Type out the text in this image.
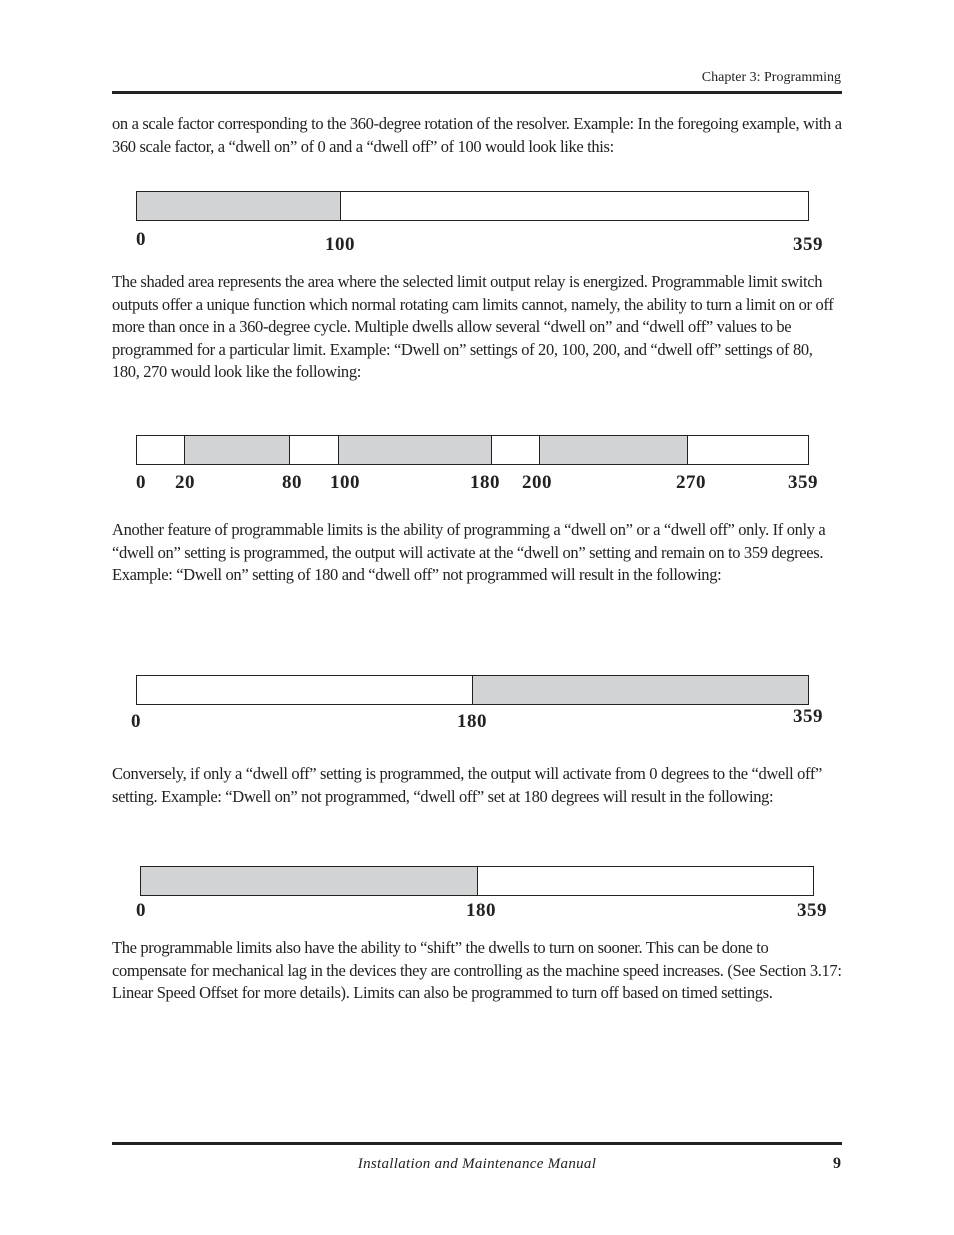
Chapter 3: Programming

on a scale factor corresponding to the 360-degree rotation of the resolver. Example: In the foregoing example, with a 360 scale factor, a “dwell on” of 0 and a “dwell off” of 100 would look like this:

0	100	359

The shaded area represents the area where the selected limit output relay is energized. Programmable limit switch outputs offer a unique function which normal rotating cam limits cannot, namely, the ability to turn a limit on or off more than once in a 360-degree cycle. Multiple dwells allow several “dwell on” and “dwell off” values to be programmed for a particular limit. Example: “Dwell on” settings of 20, 100, 200, and “dwell off” settings of 80, 180, 270 would look like the following:

0 20	80 100	180 200	270	359

Another feature of programmable limits is the ability of programming a “dwell on” or a “dwell off” only. If only a “dwell on” setting is programmed, the output will activate at the “dwell on” setting and remain on to 359 degrees. Example: “Dwell on” setting of 180 and “dwell off” not programmed will result in the following:

0	180	359

Conversely, if only a “dwell off” setting is programmed, the output will activate from 0 degrees to the “dwell off” setting. Example: “Dwell on” not programmed, “dwell off” set at 180 degrees will result in the following:

0	180	359

The programmable limits also have the ability to “shift” the dwells to turn on sooner. This can be done to compensate for mechanical lag in the devices they are controlling as the machine speed increases. (See Section 3.17: Linear Speed Offset for more details). Limits can also be programmed to turn off based on timed settings.

Installation and Maintenance Manual	9
